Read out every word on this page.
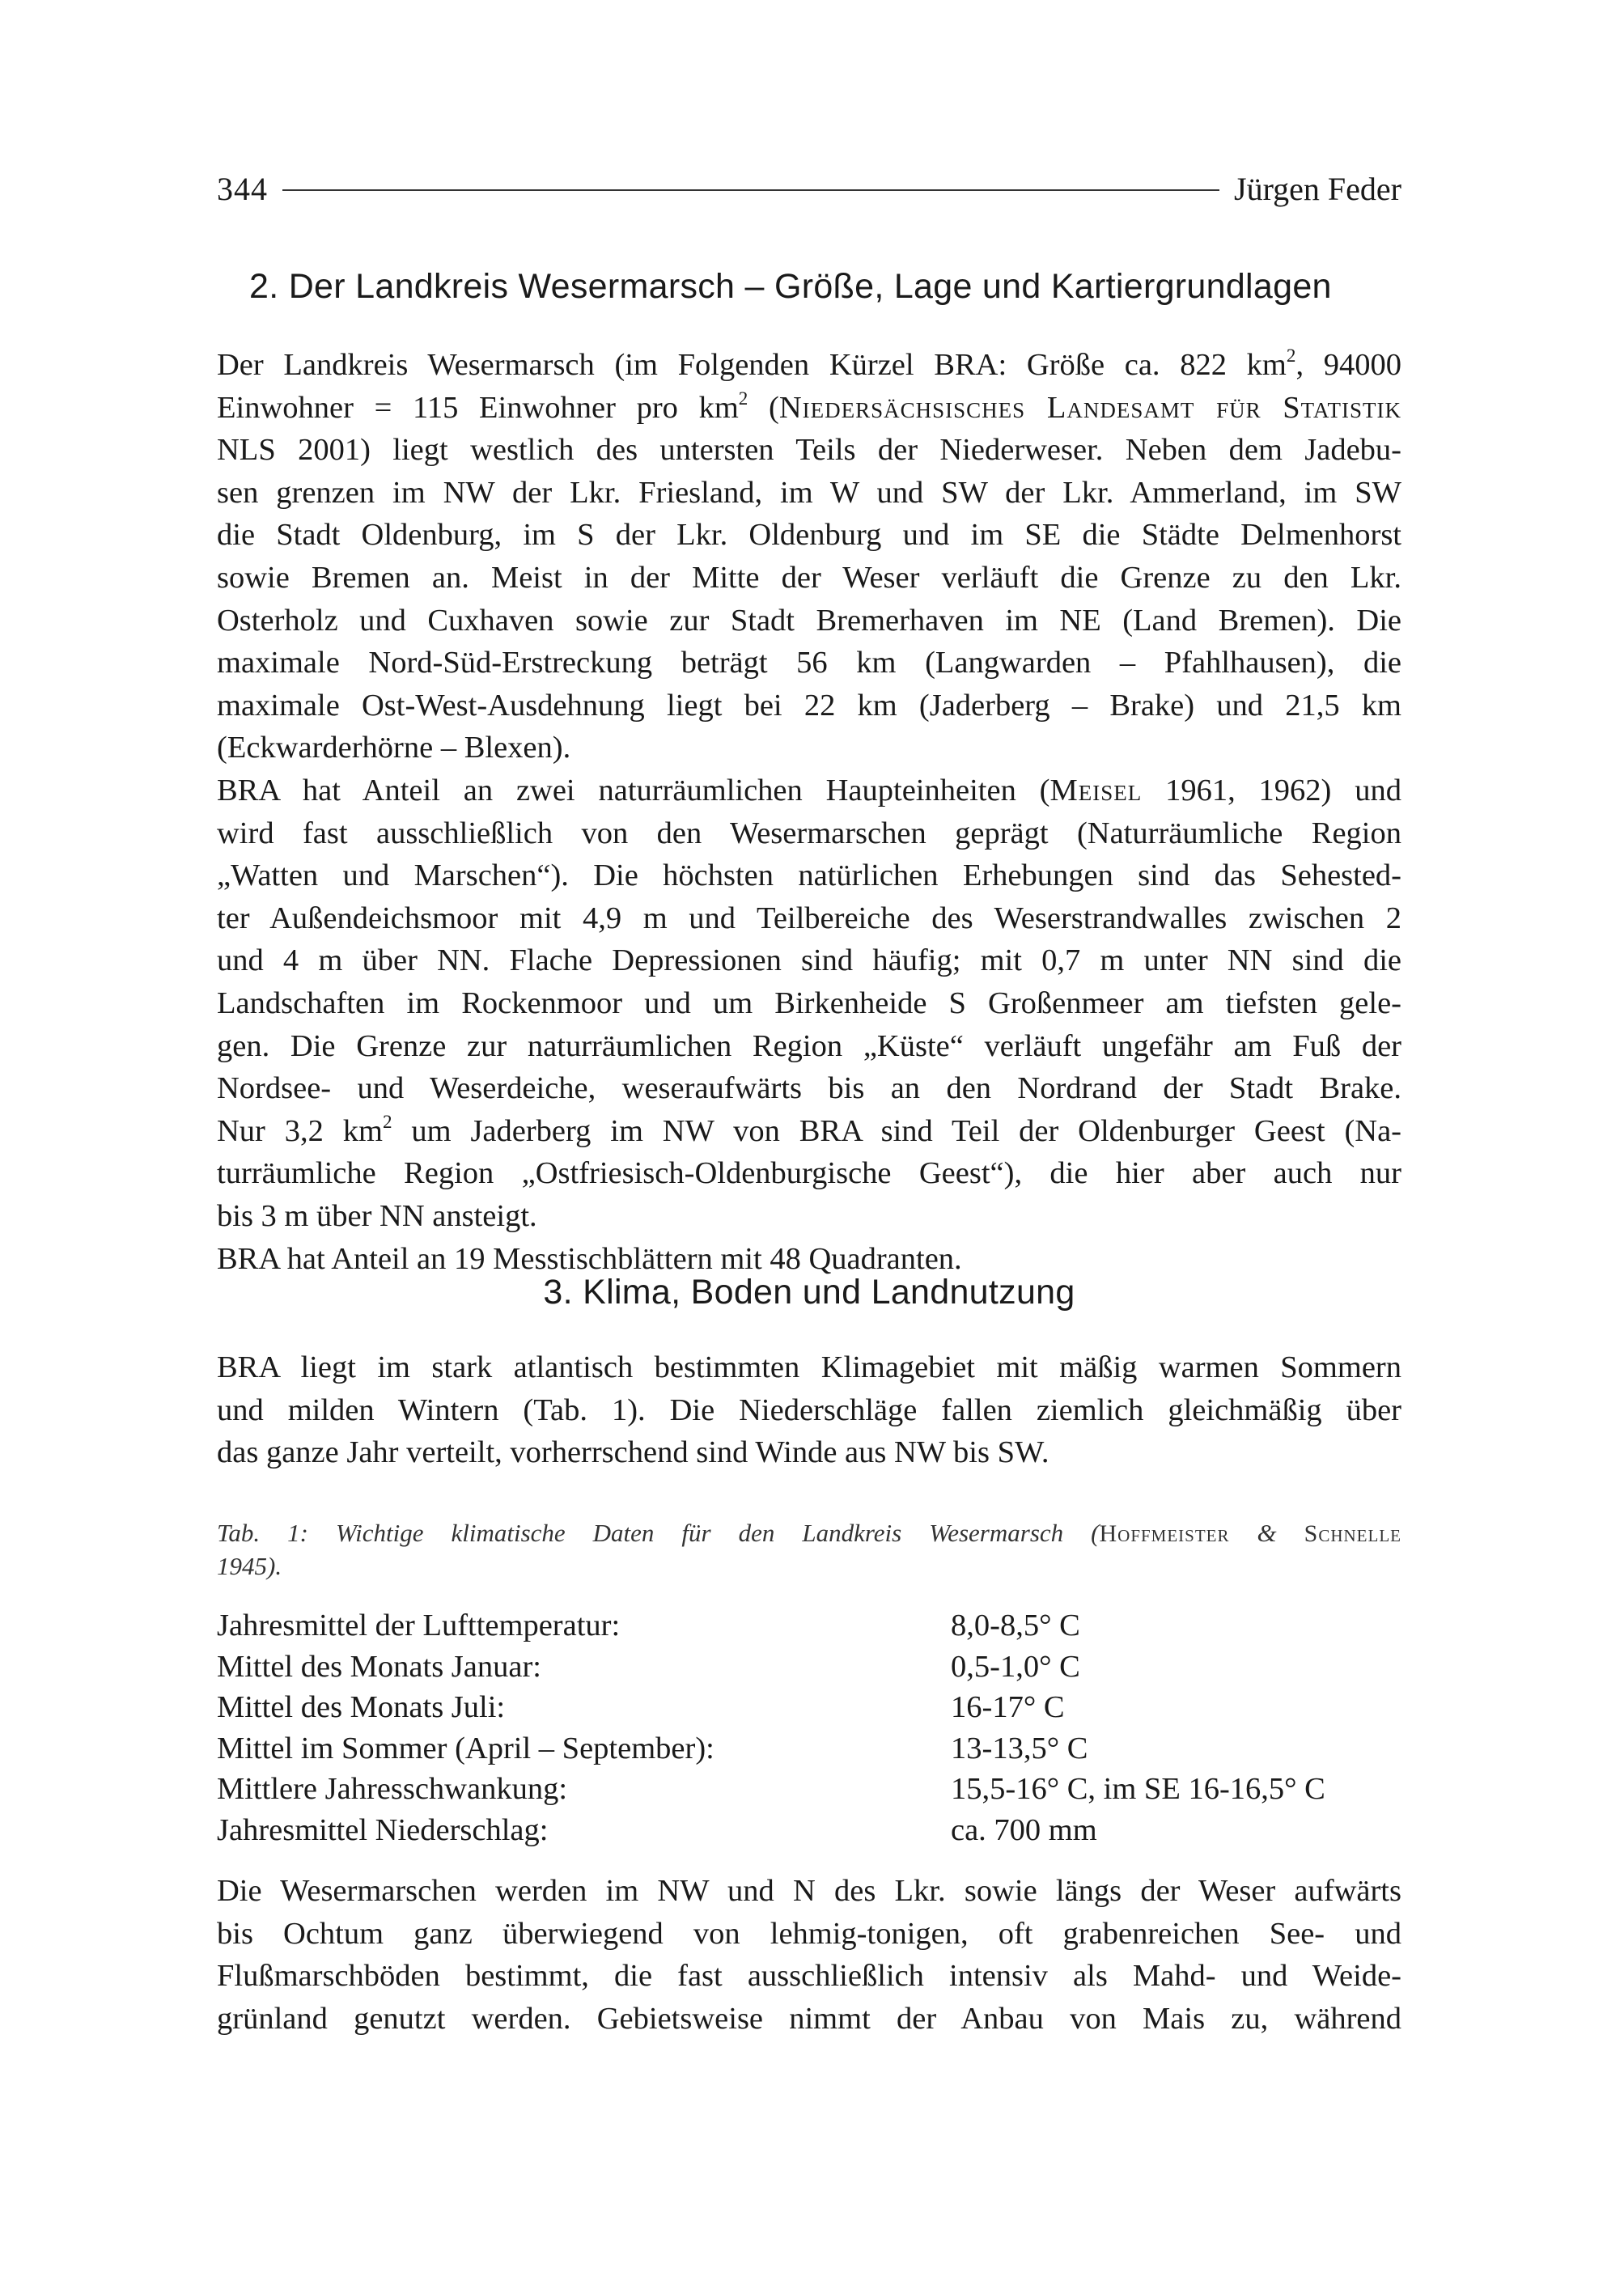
344	Jürgen Feder
2. Der Landkreis Wesermarsch – Größe, Lage und Kartiergrundlagen
Der Landkreis Wesermarsch (im Folgenden Kürzel BRA: Größe ca. 822 $km^2$, 94000
Einwohner = 115 Einwohner pro $km^2$ (Niedersächsisches Landesamt für Statistik
NLS 2001) liegt westlich des untersten Teils der Niederweser. Neben dem Jadebu-
sen grenzen im NW der Lkr. Friesland, im W und SW der Lkr. Ammerland, im SW
die Stadt Oldenburg, im S der Lkr. Oldenburg und im SE die Städte Delmenhorst
sowie Bremen an. Meist in der Mitte der Weser verläuft die Grenze zu den Lkr.
Osterholz und Cuxhaven sowie zur Stadt Bremerhaven im NE (Land Bremen). Die
maximale Nord-Süd-Erstreckung beträgt 56 km (Langwarden – Pfahlhausen), die
maximale Ost-West-Ausdehnung liegt bei 22 km (Jaderberg – Brake) und 21,5 km
(Eckwarderhörne – Blexen).
BRA hat Anteil an zwei naturräumlichen Haupteinheiten (Meisel 1961, 1962) und
wird fast ausschließlich von den Wesermarschen geprägt (Naturräumliche Region
„Watten und Marschen“). Die höchsten natürlichen Erhebungen sind das Sehested-
ter Außendeichsmoor mit 4,9 m und Teilbereiche des Weserstrandwalles zwischen 2
und 4 m über NN. Flache Depressionen sind häufig; mit 0,7 m unter NN sind die
Landschaften im Rockenmoor und um Birkenheide S Großenmeer am tiefsten gele-
gen. Die Grenze zur naturräumlichen Region „Küste“ verläuft ungefähr am Fuß der
Nordsee- und Weserdeiche, weseraufwärts bis an den Nordrand der Stadt Brake.
Nur 3,2 $km^2$ um Jaderberg im NW von BRA sind Teil der Oldenburger Geest (Na-
turräumliche Region „Ostfriesisch-Oldenburgische Geest“), die hier aber auch nur
bis 3 m über NN ansteigt.
BRA hat Anteil an 19 Messtischblättern mit 48 Quadranten.
3. Klima, Boden und Landnutzung
BRA liegt im stark atlantisch bestimmten Klimagebiet mit mäßig warmen Sommern
und milden Wintern (Tab. 1). Die Niederschläge fallen ziemlich gleichmäßig über
das ganze Jahr verteilt, vorherrschend sind Winde aus NW bis SW.
Tab. 1: Wichtige klimatische Daten für den Landkreis Wesermarsch (Hoffmeister & Schnelle
1945).
Jahresmittel der Lufttemperatur:	8,0-8,5° C
Mittel des Monats Januar:	0,5-1,0° C
Mittel des Monats Juli:	16-17° C
Mittel im Sommer (April – September):	13-13,5° C
Mittlere Jahresschwankung:	15,5-16° C, im SE 16-16,5° C
Jahresmittel Niederschlag:	ca. 700 mm
Die Wesermarschen werden im NW und N des Lkr. sowie längs der Weser aufwärts
bis Ochtum ganz überwiegend von lehmig-tonigen, oft grabenreichen See- und
Flußmarschböden bestimmt, die fast ausschließlich intensiv als Mahd- und Weide-
grünland genutzt werden. Gebietsweise nimmt der Anbau von Mais zu, während
